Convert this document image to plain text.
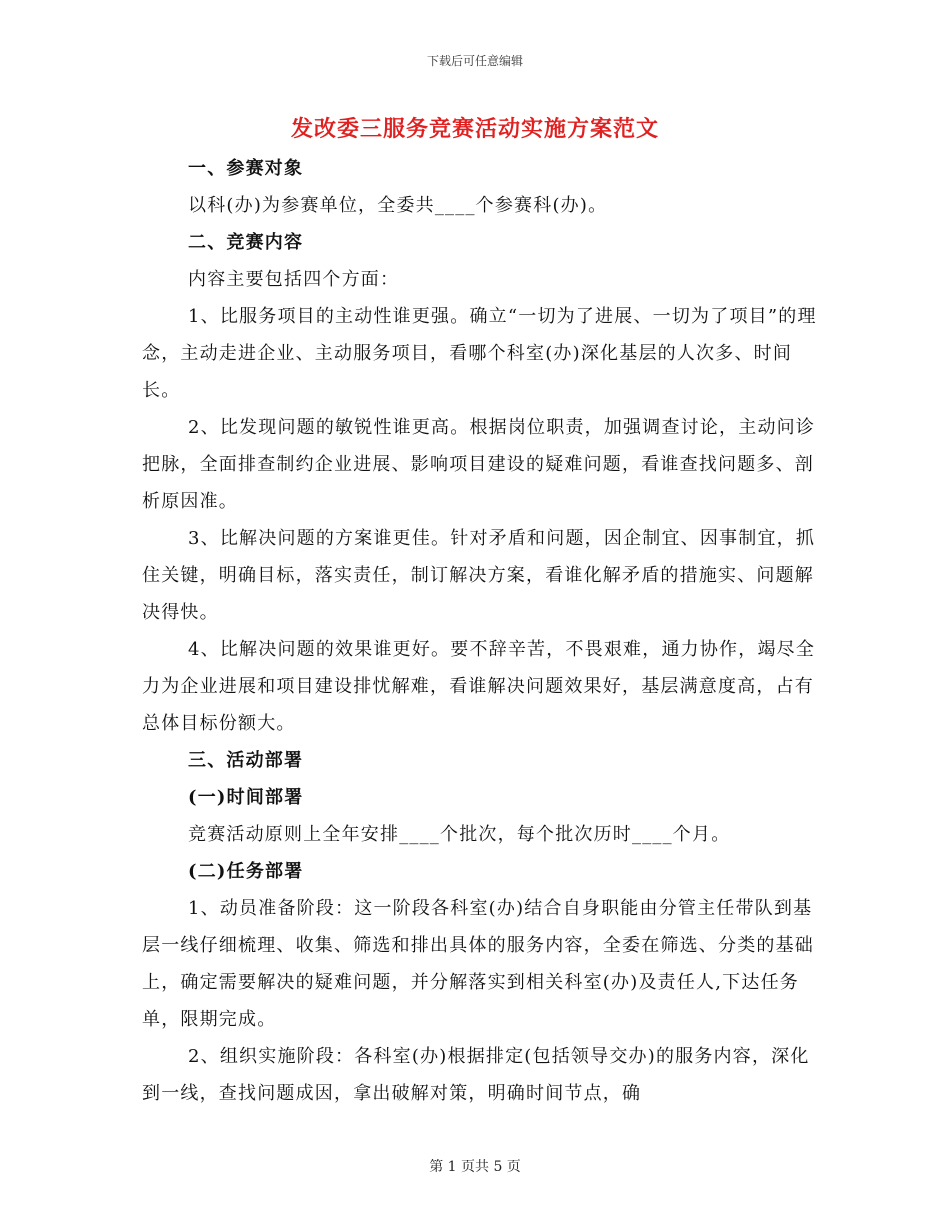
下载后可任意编辑
发改委三服务竞赛活动实施方案范文

一、参赛对象

以科(办)为参赛单位，全委共____个参赛科(办)。

二、竞赛内容

内容主要包括四个方面：

1、比服务项目的主动性谁更强。确立“一切为了进展、一切为了项目”的理念，主动走进企业、主动服务项目，看哪个科室(办)深化基层的人次多、时间长。

2、比发现问题的敏锐性谁更高。根据岗位职责，加强调查讨论，主动问诊把脉，全面排查制约企业进展、影响项目建设的疑难问题，看谁查找问题多、剖析原因准。

3、比解决问题的方案谁更佳。针对矛盾和问题，因企制宜、因事制宜，抓住关键，明确目标，落实责任，制订解决方案，看谁化解矛盾的措施实、问题解决得快。

4、比解决问题的效果谁更好。要不辞辛苦，不畏艰难，通力协作，竭尽全力为企业进展和项目建设排忧解难，看谁解决问题效果好，基层满意度高，占有总体目标份额大。

三、活动部署

(一)时间部署

竞赛活动原则上全年安排____个批次，每个批次历时____个月。

(二)任务部署

1、动员准备阶段：这一阶段各科室(办)结合自身职能由分管主任带队到基层一线仔细梳理、收集、筛选和排出具体的服务内容，全委在筛选、分类的基础上，确定需要解决的疑难问题，并分解落实到相关科室(办)及责任人,下达任务单，限期完成。

2、组织实施阶段：各科室(办)根据排定(包括领导交办)的服务内容，深化到一线，查找问题成因，拿出破解对策，明确时间节点，确

第 1 页共 5 页
